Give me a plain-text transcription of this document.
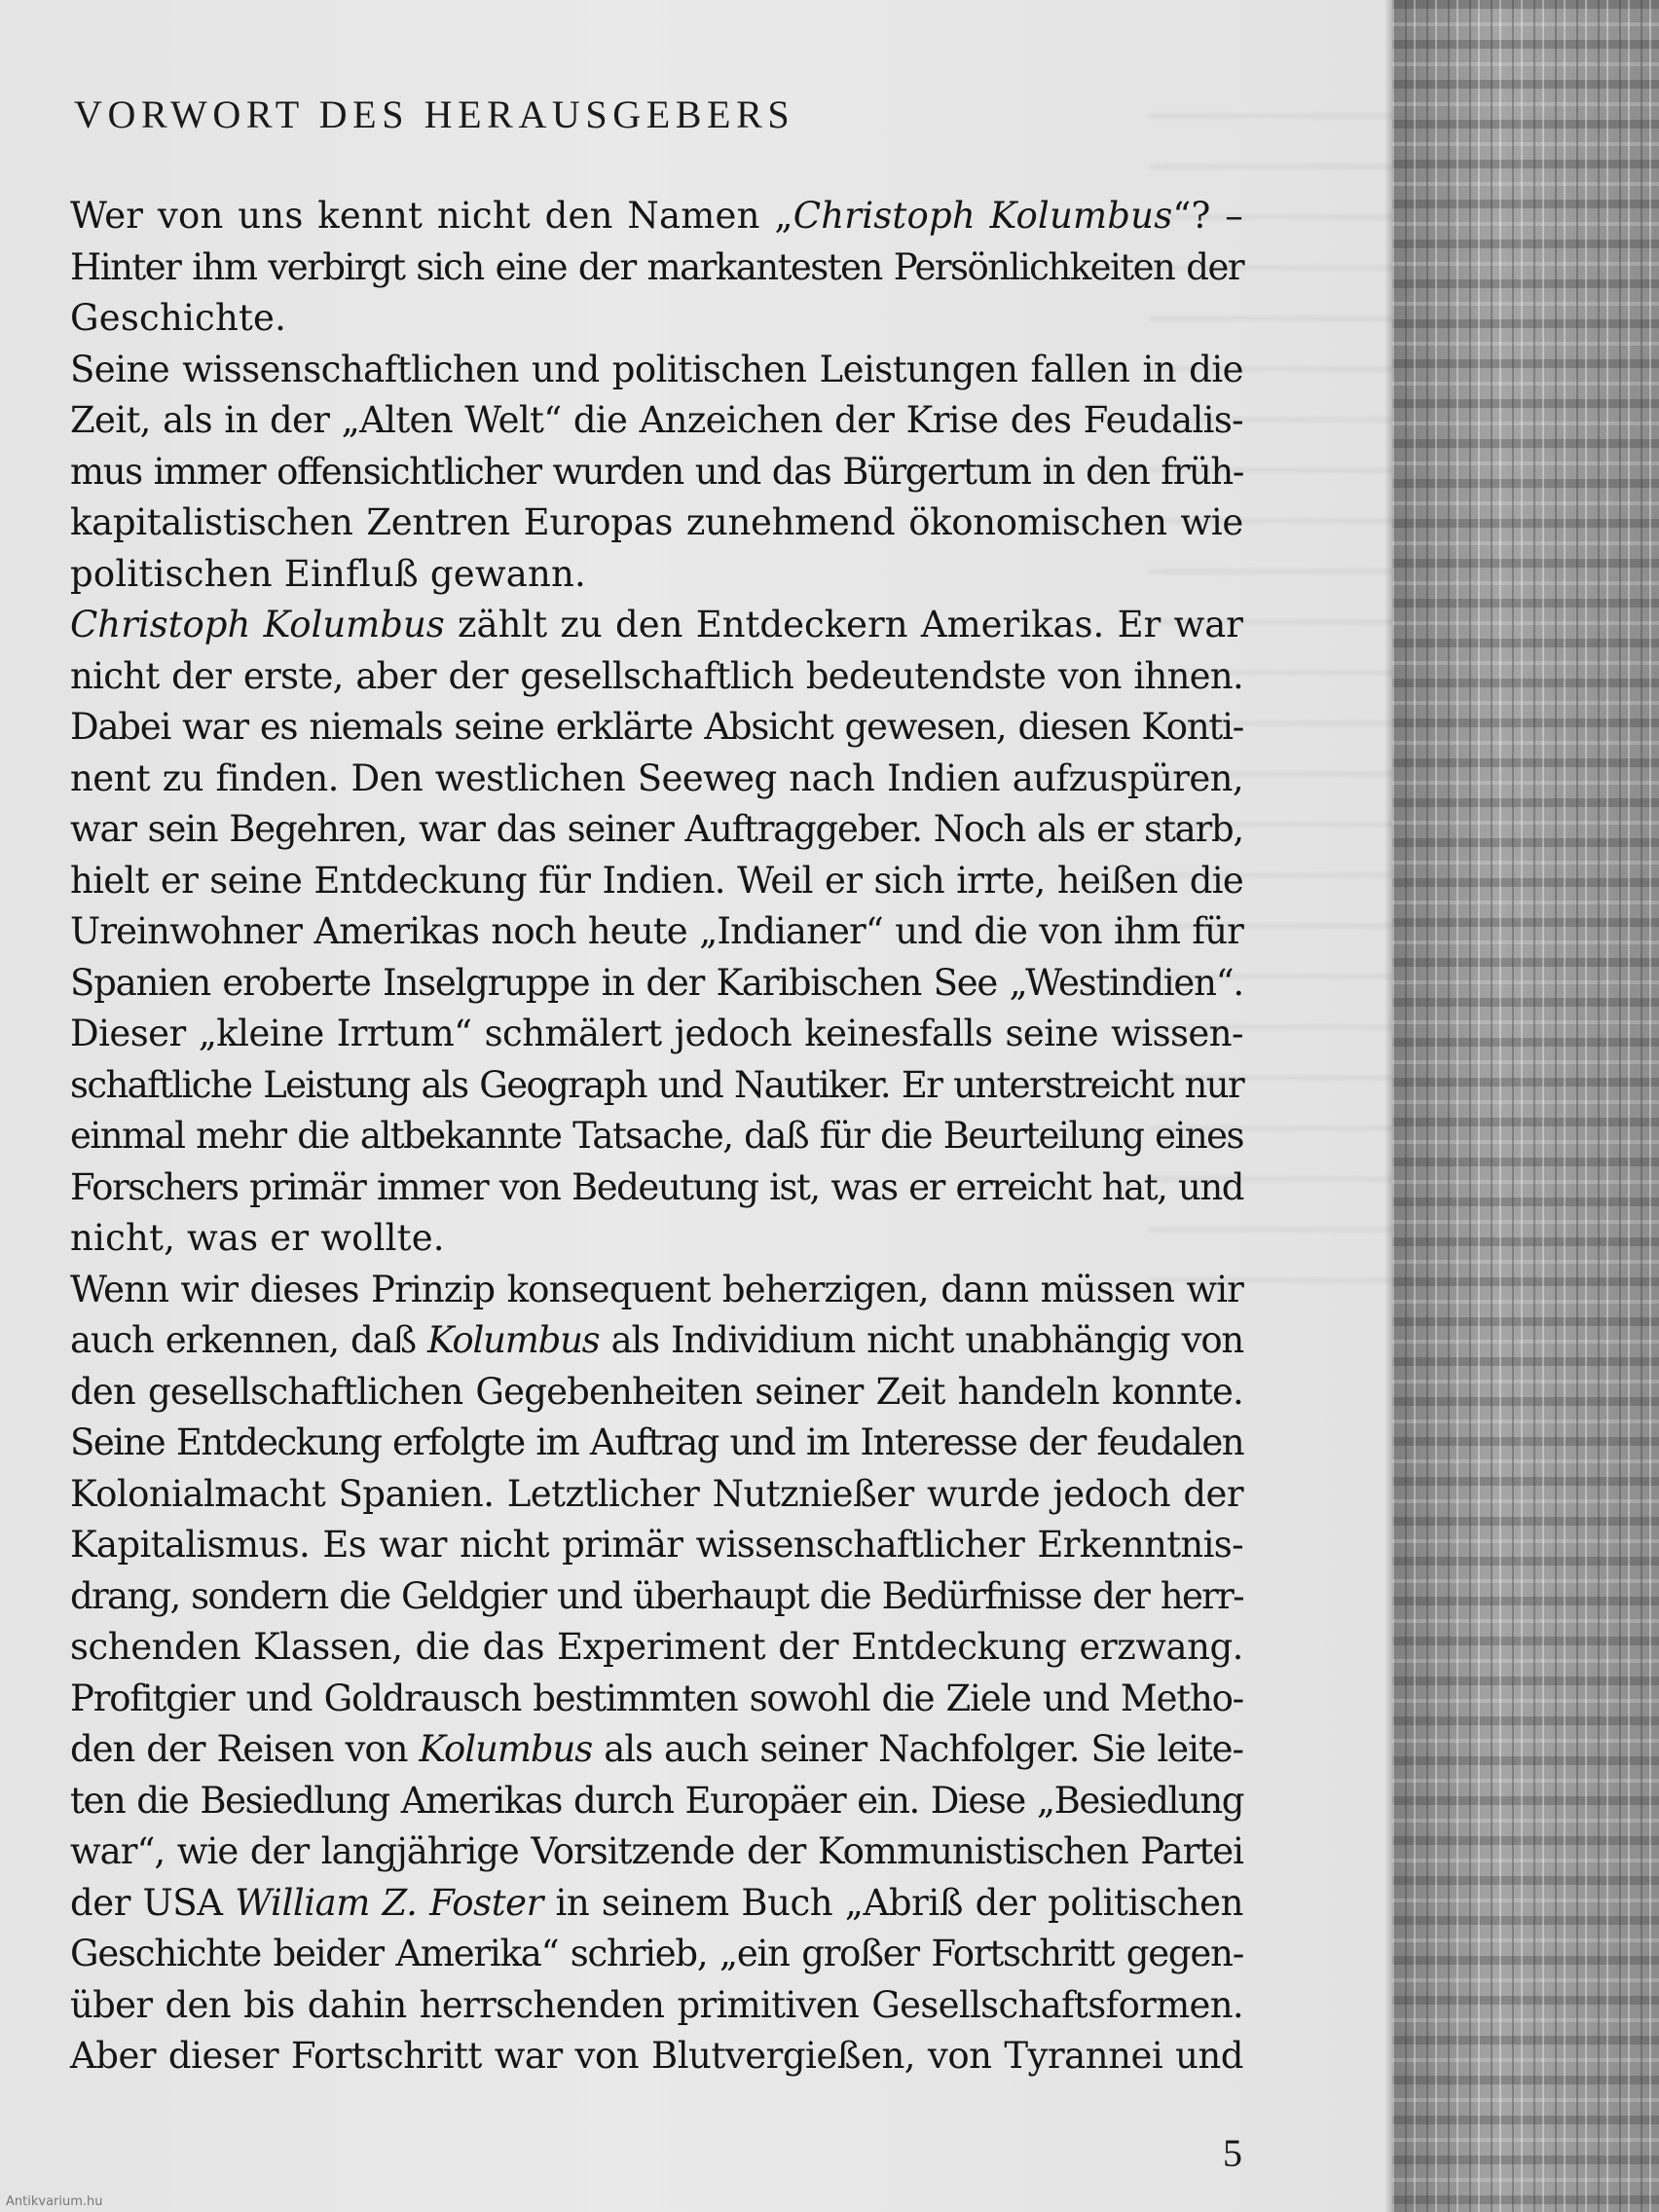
VORWORT DES HERAUSGEBERS
Wer von uns kennt nicht den Namen „Christoph Kolumbus“? –
Hinter ihm verbirgt sich eine der markantesten Persönlichkeiten der
Geschichte.
Seine wissenschaftlichen und politischen Leistungen fallen in die
Zeit, als in der „Alten Welt“ die Anzeichen der Krise des Feudalis-
mus immer offensichtlicher wurden und das Bürgertum in den früh-
kapitalistischen Zentren Europas zunehmend ökonomischen wie
politischen Einfluß gewann.
Christoph Kolumbus zählt zu den Entdeckern Amerikas. Er war
nicht der erste, aber der gesellschaftlich bedeutendste von ihnen.
Dabei war es niemals seine erklärte Absicht gewesen, diesen Konti-
nent zu finden. Den westlichen Seeweg nach Indien aufzuspüren,
war sein Begehren, war das seiner Auftraggeber. Noch als er starb,
hielt er seine Entdeckung für Indien. Weil er sich irrte, heißen die
Ureinwohner Amerikas noch heute „Indianer“ und die von ihm für
Spanien eroberte Inselgruppe in der Karibischen See „Westindien“.
Dieser „kleine Irrtum“ schmälert jedoch keinesfalls seine wissen-
schaftliche Leistung als Geograph und Nautiker. Er unterstreicht nur
einmal mehr die altbekannte Tatsache, daß für die Beurteilung eines
Forschers primär immer von Bedeutung ist, was er erreicht hat, und
nicht, was er wollte.
Wenn wir dieses Prinzip konsequent beherzigen, dann müssen wir
auch erkennen, daß Kolumbus als Individium nicht unabhängig von
den gesellschaftlichen Gegebenheiten seiner Zeit handeln konnte.
Seine Entdeckung erfolgte im Auftrag und im Interesse der feudalen
Kolonialmacht Spanien. Letztlicher Nutznießer wurde jedoch der
Kapitalismus. Es war nicht primär wissenschaftlicher Erkenntnis-
drang, sondern die Geldgier und überhaupt die Bedürfnisse der herr-
schenden Klassen, die das Experiment der Entdeckung erzwang.
Profitgier und Goldrausch bestimmten sowohl die Ziele und Metho-
den der Reisen von Kolumbus als auch seiner Nachfolger. Sie leite-
ten die Besiedlung Amerikas durch Europäer ein. Diese „Besiedlung
war“, wie der langjährige Vorsitzende der Kommunistischen Partei
der USA William Z. Foster in seinem Buch „Abriß der politischen
Geschichte beider Amerika“ schrieb, „ein großer Fortschritt gegen-
über den bis dahin herrschenden primitiven Gesellschaftsformen.
Aber dieser Fortschritt war von Blutvergießen, von Tyrannei und
5
Antikvarium.hu
